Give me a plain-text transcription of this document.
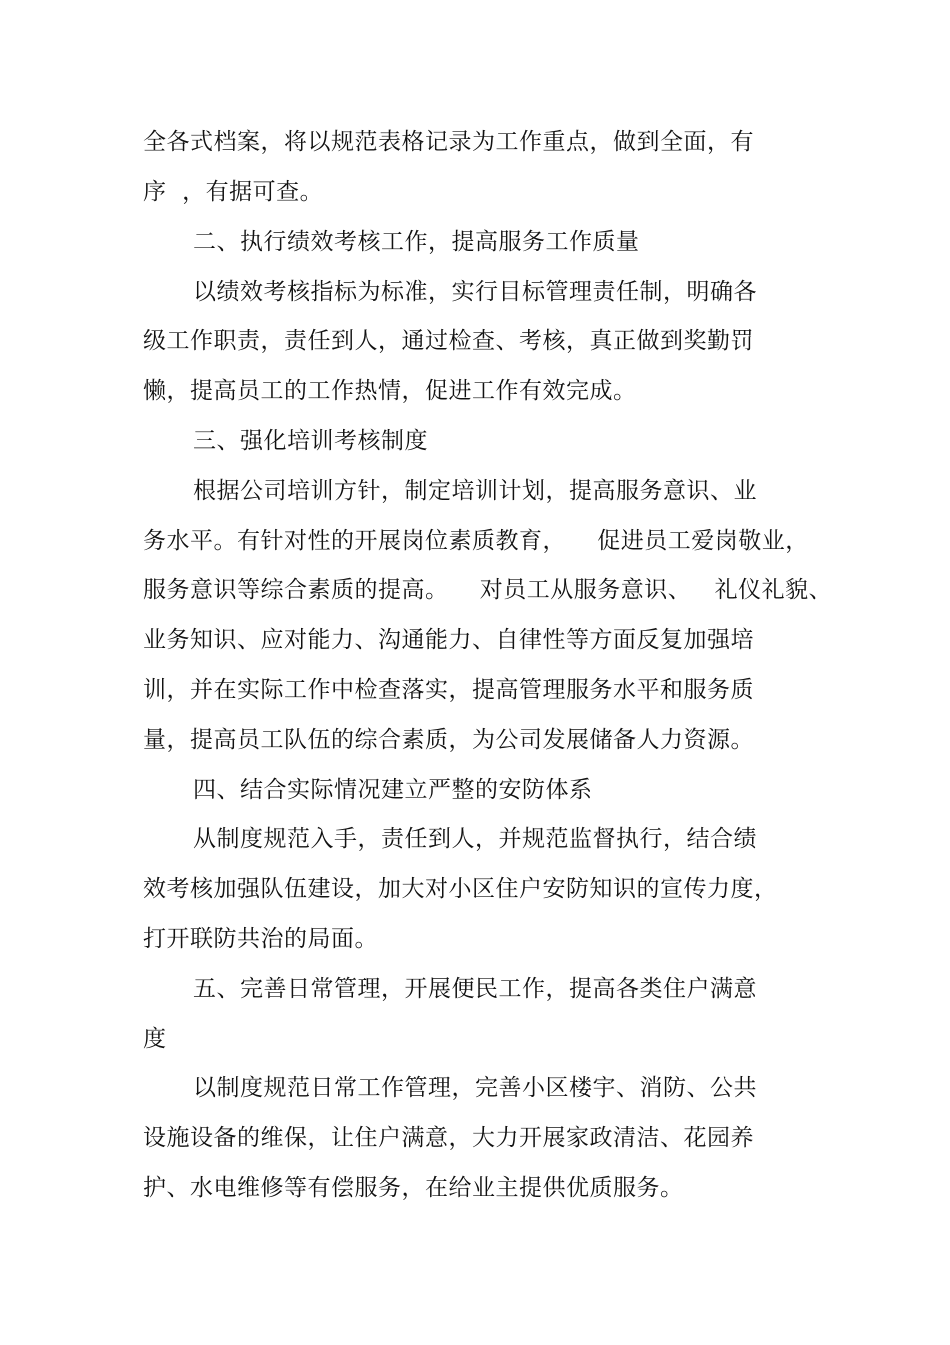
全各式档案，将以规范表格记录为工作重点，做到全面，有

序  ，有据可查。

二、执行绩效考核工作，提高服务工作质量

以绩效考核指标为标准，实行目标管理责任制，明确各

级工作职责，责任到人，通过检查、考核，真正做到奖勤罚

懒，提高员工的工作热情，促进工作有效完成。

三、强化培训考核制度

根据公司培训方针，制定培训计划，提高服务意识、业

务水平。有针对性的开展岗位素质教育，    促进员工爱岗敬业，

服务意识等综合素质的提高。    对员工从服务意识、   礼仪礼貌、

业务知识、应对能力、沟通能力、自律性等方面反复加强培

训，并在实际工作中检查落实，提高管理服务水平和服务质

量，提高员工队伍的综合素质，为公司发展储备人力资源。

四、结合实际情况建立严整的安防体系

从制度规范入手，责任到人，并规范监督执行，结合绩

效考核加强队伍建设，加大对小区住户安防知识的宣传力度，

打开联防共治的局面。

五、完善日常管理，开展便民工作，提高各类住户满意

度

以制度规范日常工作管理，完善小区楼宇、消防、公共

设施设备的维保，让住户满意，大力开展家政清洁、花园养

护、水电维修等有偿服务，在给业主提供优质服务。
